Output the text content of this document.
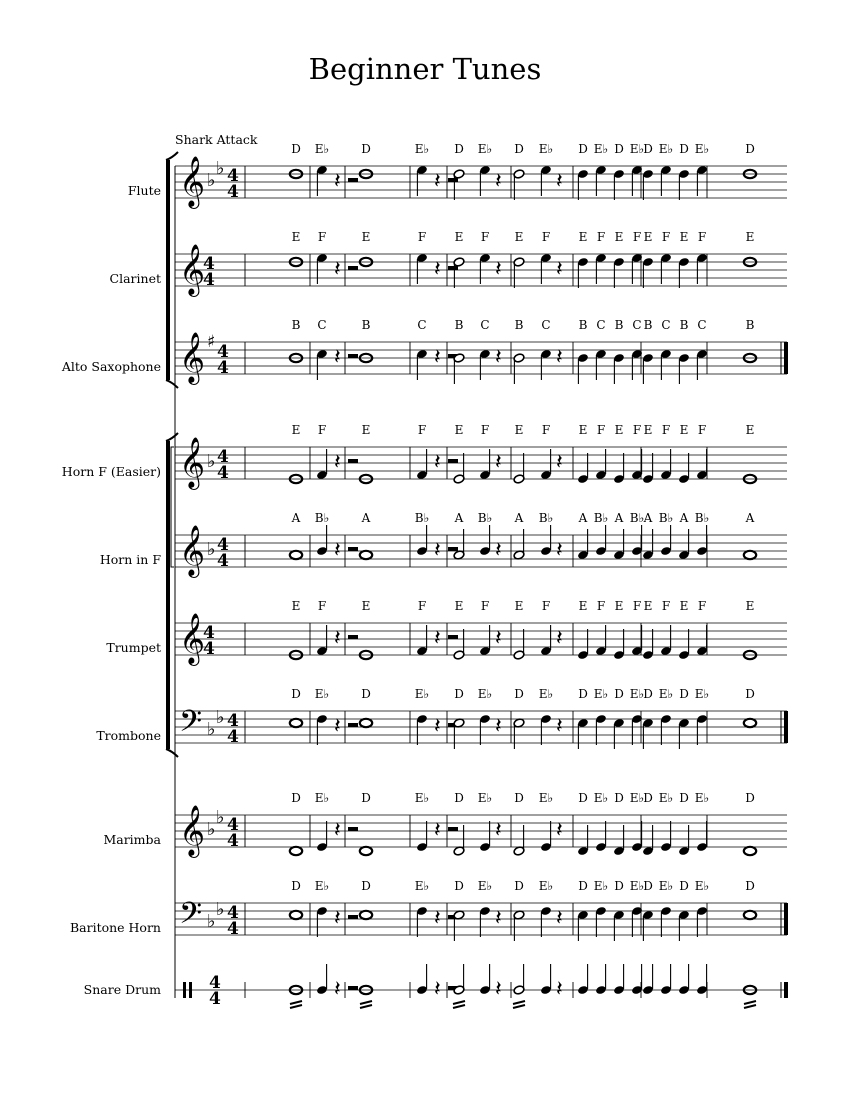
Beginner Tunes
Shark Attack
Flute 𝄞 ♭
♭ 4
4
D
𝄽
E♭	D
𝄽
E♭
𝄽
D E♭
𝄽
D E♭ D E♭ D E♭
D E♭ D E♭	D
Clarinet 𝄞
4
4
E
𝄽
F	E
𝄽
F
𝄽
E F
𝄽
E F E F E F E F E F	E
Alto Saxophone 𝄞 ♯ 4
4
B
𝄽
C	B
𝄽
C
𝄽
B C
𝄽
B C B C B C B C B C	B
Horn F (Easier) 𝄞 ♭ 4
4
E
𝄽
F	E
𝄽
F
𝄽
E F
𝄽
E F E F E F E F E F	E
Horn in F 𝄞 ♭ 4
4
A
𝄽
B♭	A
𝄽
B♭
𝄽
A B♭
𝄽
A B♭ A B♭ A B♭ A B♭ A B♭	A
Trumpet 𝄞
4
4
E
𝄽
F	E
𝄽
F
𝄽
E F
𝄽
E F E F E F E F E F	E
Trombone 𝄢 ♭
♭ 4
4
D
𝄽
E♭	D
𝄽
E♭
𝄽
D E♭
𝄽
D E♭ D E♭ D E♭
D E♭ D E♭	D
Marimba 𝄞 ♭
♭ 4
4
D
𝄽
E♭	D
𝄽
E♭
𝄽
D E♭
𝄽
D E♭ D E♭ D E♭
D E♭ D E♭	D
Baritone Horn 𝄢 ♭
♭ 4
4
D
𝄽
E♭	D
𝄽
E♭
𝄽
D E♭
𝄽
D E♭ D E♭ D E♭
D E♭ D E♭	D
Snare Drum	4
4	𝄽	𝄽 𝄽 𝄽
